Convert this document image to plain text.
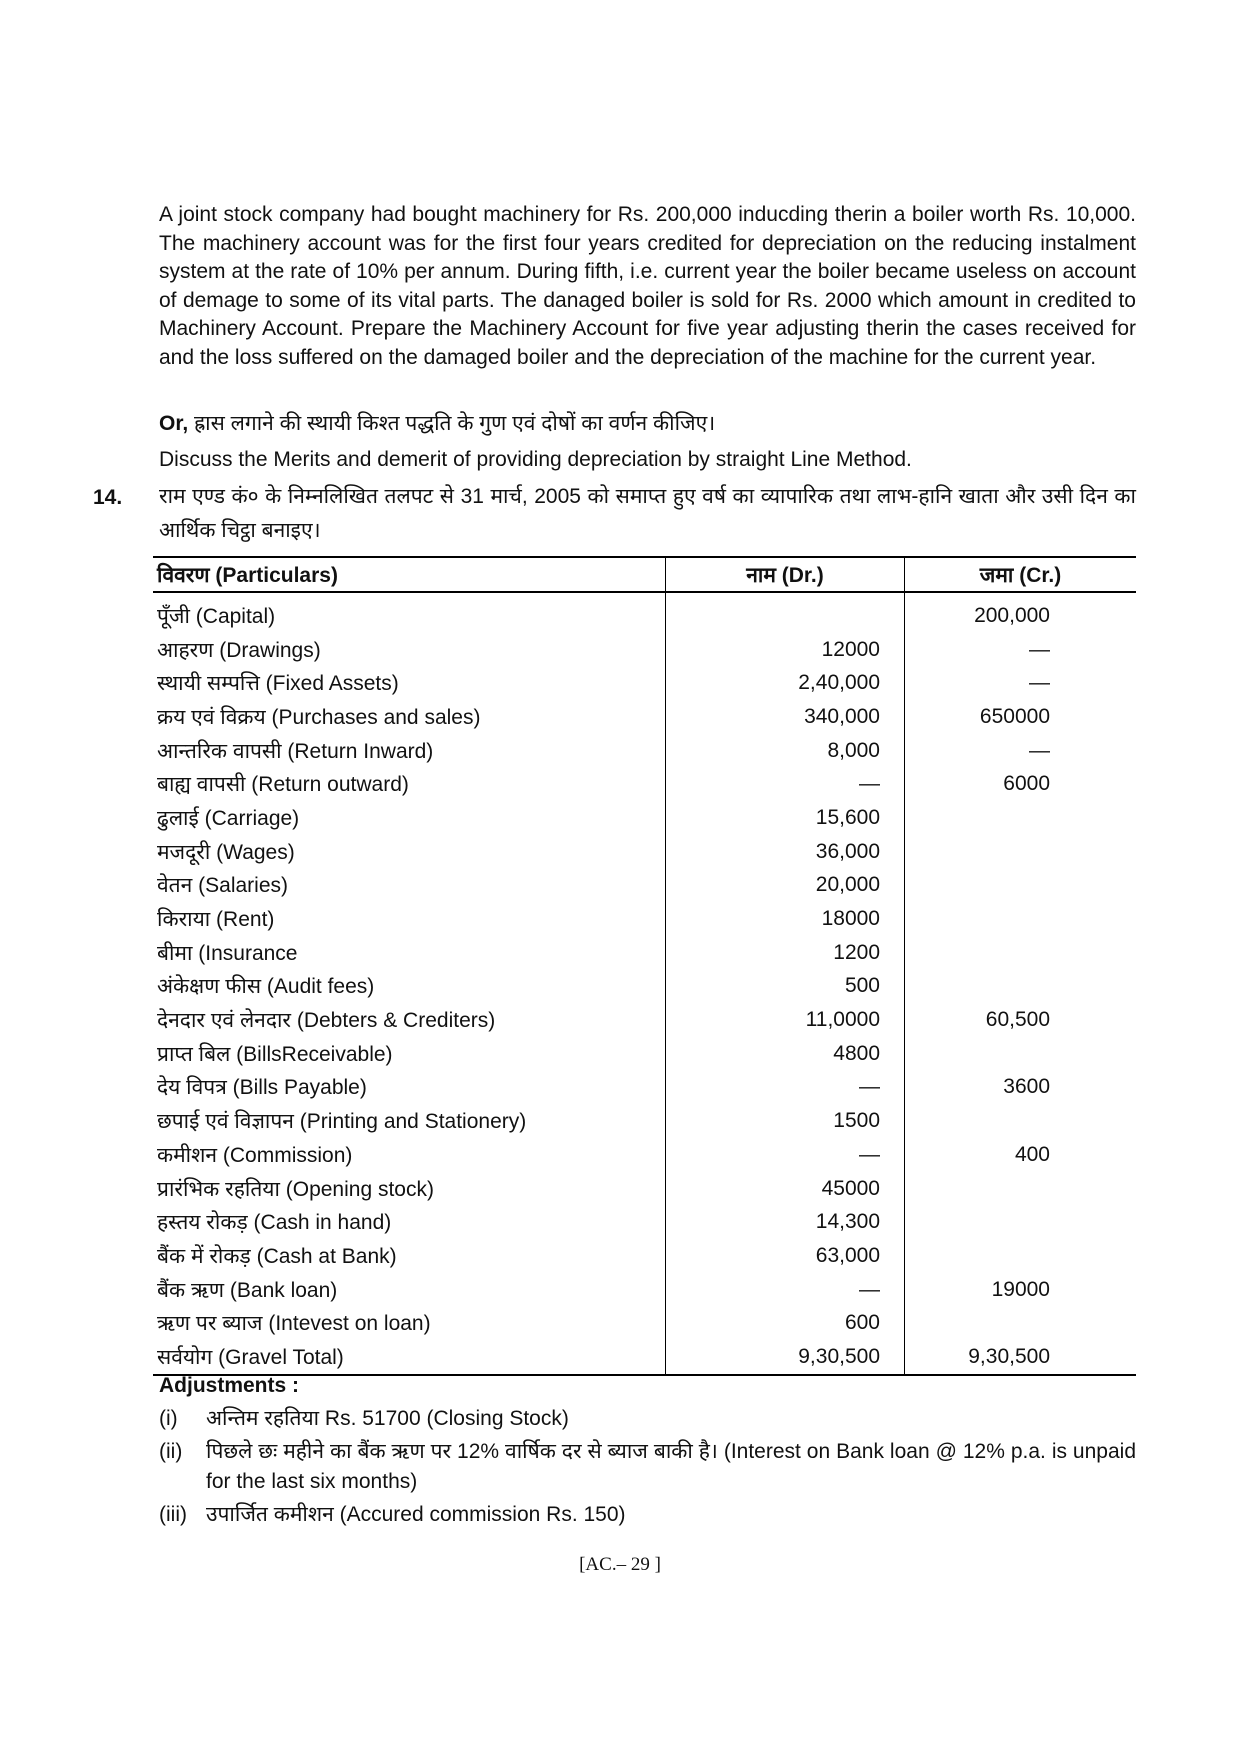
A joint stock company had bought machinery for Rs. 200,000 inducding therin a boiler worth Rs. 10,000. The machinery account was for the first four years credited for depreciation on the reducing instalment system at the rate of 10% per annum. During fifth, i.e. current year the boiler became useless on account of demage to some of its vital parts. The danaged boiler is sold for Rs. 2000 which amount in credited to Machinery Account. Prepare the Machinery Account for five year adjusting therin the cases received for and the loss suffered on the damaged boiler and the depreciation of the machine for the current year.
Or, ह्रास लगाने की स्थायी किश्त पद्धति के गुण एवं दोषों का वर्णन कीजिए।
Discuss the Merits and demerit of providing depreciation by straight Line Method.
14. राम एण्ड कं० के निम्नलिखित तलपट से 31 मार्च, 2005 को समाप्त हुए वर्ष का व्यापारिक तथा लाभ-हानि खाता और उसी दिन का आर्थिक चिट्ठा बनाइए।
विवरण (Particulars)	नाम (Dr.)	जमा (Cr.)
पूँजी (Capital)		200,000
आहरण (Drawings)	12000	—
स्थायी सम्पत्ति (Fixed Assets)	2,40,000	—
क्रय एवं विक्रय (Purchases and sales)	340,000	650000
आन्तरिक वापसी (Return Inward)	8,000	—
बाह्य वापसी (Return outward)	—	6000
ढुलाई (Carriage)	15,600	
मजदूरी (Wages)	36,000	
वेतन (Salaries)	20,000	
किराया (Rent)	18000	
बीमा (Insurance	1200	
अंकेक्षण फीस (Audit fees)	500	
देनदार एवं लेनदार (Debters & Crediters)	11,0000	60,500
प्राप्त बिल (BillsReceivable)	4800	
देय विपत्र (Bills Payable)	—	3600
छपाई एवं विज्ञापन (Printing and Stationery)	1500	
कमीशन (Commission)	—	400
प्रारंभिक रहतिया (Opening stock)	45000	
हस्तय रोकड़ (Cash in hand)	14,300	
बैंक में रोकड़ (Cash at Bank)	63,000	
बैंक ऋण (Bank loan)	—	19000
ऋण पर ब्याज (Intevest on loan)	600	
सर्वयोग (Gravel Total)	9,30,500	9,30,500
Adjustments :
(i) अन्तिम रहतिया Rs. 51700 (Closing Stock)
(ii) पिछले छः महीने का बैंक ऋण पर 12% वार्षिक दर से ब्याज बाकी है। (Interest on Bank loan @ 12% p.a. is unpaid for the last six months)
(iii) उपार्जित कमीशन (Accured commission Rs. 150)
[AC.– 29 ]
